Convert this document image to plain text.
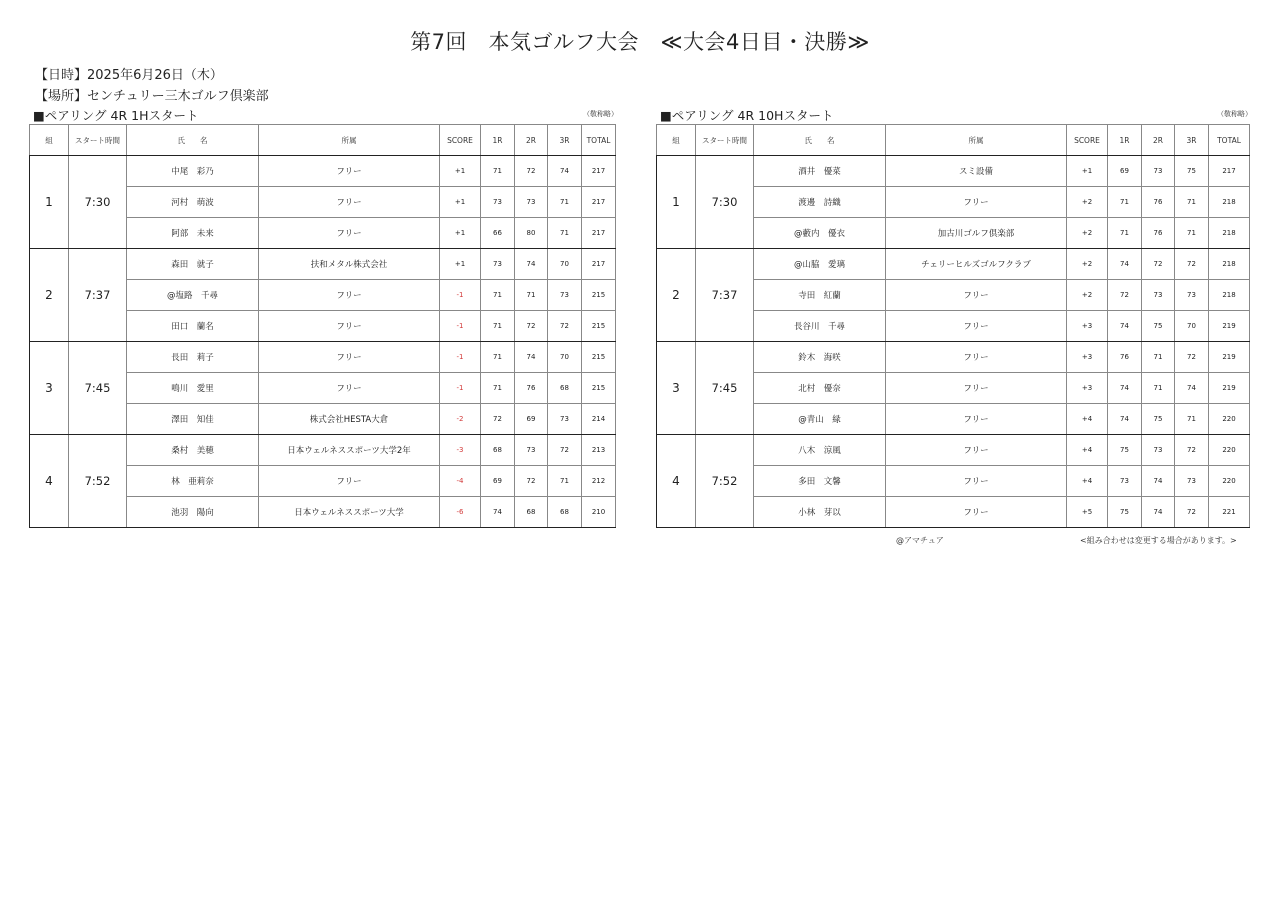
第7回　本気ゴルフ大会　≪大会4日目・決勝≫
【日時】2025年6月26日（木）
【場所】センチュリー三木ゴルフ倶楽部
■ペアリング 4R 1Hスタート	（敬称略）
組	スタート時間	氏　　名	所属	SCORE	1R	2R	3R	TOTAL
1	7:30	中尾　彩乃	フリー	+1	71	72	74	217
		河村　萌波	フリー	+1	73	73	71	217
		阿部　未来	フリー	+1	66	80	71	217
2	7:37	森田　就子	扶和メタル株式会社	+1	73	74	70	217
		@塩路　千尋	フリー	-1	71	71	73	215
		田口　蘭名	フリー	-1	71	72	72	215
3	7:45	長田　莉子	フリー	-1	71	74	70	215
		鳴川　愛里	フリー	-1	71	76	68	215
		澤田　知佳	株式会社HESTA大倉	-2	72	69	73	214
4	7:52	桑村　美穂	日本ウェルネススポーツ大学2年	-3	68	73	72	213
		林　亜莉奈	フリー	-4	69	72	71	212
		池羽　陽向	日本ウェルネススポーツ大学	-6	74	68	68	210
■ペアリング 4R 10Hスタート	（敬称略）
組	スタート時間	氏　　名	所属	SCORE	1R	2R	3R	TOTAL
1	7:30	酒井　優菜	スミ設備	+1	69	73	75	217
		渡邊　詩織	フリー	+2	71	76	71	218
		@藪内　優衣	加古川ゴルフ倶楽部	+2	71	76	71	218
2	7:37	@山脇　愛璃	チェリーヒルズゴルフクラブ	+2	74	72	72	218
		寺田　紅蘭	フリー	+2	72	73	73	218
		長谷川　千尋	フリー	+3	74	75	70	219
3	7:45	鈴木　海咲	フリー	+3	76	71	72	219
		北村　優奈	フリー	+3	74	71	74	219
		@青山　緑	フリー	+4	74	75	71	220
4	7:52	八木　涼風	フリー	+4	75	73	72	220
		多田　文馨	フリー	+4	73	74	73	220
		小林　芽以	フリー	+5	75	74	72	221
@アマチュア	<組み合わせは変更する場合があります。>
